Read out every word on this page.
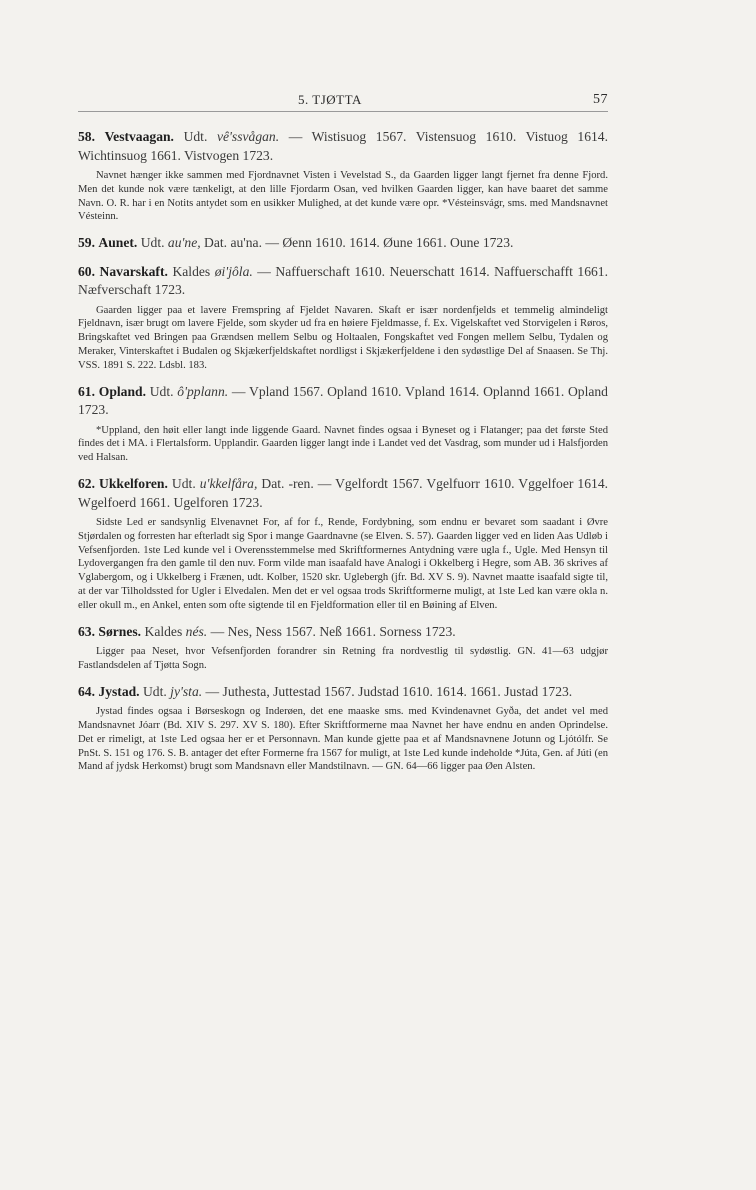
5. TJØTTA	57

58. Vestvaagan. Udt. vê'ssvågan. — Wistisuog 1567. Vistensuog 1610. Vistuog 1614. Wichtinsuog 1661. Vistvogen 1723.

Navnet hænger ikke sammen med Fjordnavnet Visten i Vevelstad S., da Gaarden ligger langt fjernet fra denne Fjord. Men det kunde nok være tænkeligt, at den lille Fjordarm Osan, ved hvilken Gaarden ligger, kan have baaret det samme Navn. O. R. har i en Notits antydet som en usikker Mulighed, at det kunde være opr. *Vésteinsvágr, sms. med Mandsnavnet Vésteinn.

59. Aunet. Udt. au'ne, Dat. au'na. — Øenn 1610. 1614. Øune 1661. Oune 1723.

60. Navarskaft. Kaldes øi'jôla. — Naffuerschaft 1610. Neuerschatt 1614. Naffuerschafft 1661. Næfverschaft 1723.

Gaarden ligger paa et lavere Fremspring af Fjeldet Navaren. Skaft er især nordenfjelds et temmelig almindeligt Fjeldnavn, især brugt om lavere Fjelde, som skyder ud fra en høiere Fjeldmasse, f. Ex. Vigelskaftet ved Storvigelen i Røros, Bringskaftet ved Bringen paa Grændsen mellem Selbu og Holtaalen, Fongskaftet ved Fongen mellem Selbu, Tydalen og Meraker, Vinterskaftet i Budalen og Skjækerfjeldskaftet nordligst i Skjækerfjeldene i den sydøstlige Del af Snaasen. Se Thj. VSS. 1891 S. 222. Ldsbl. 183.

61. Opland. Udt. ô'pplann. — Vpland 1567. Opland 1610. Vpland 1614. Oplannd 1661. Opland 1723.

*Uppland, den høit eller langt inde liggende Gaard. Navnet findes ogsaa i Byneset og i Flatanger; paa det første Sted findes det i MA. i Flertalsform. Upplandir. Gaarden ligger langt inde i Landet ved det Vasdrag, som munder ud i Halsfjorden ved Halsan.

62. Ukkelforen. Udt. u'kkelfåra, Dat. -ren. — Vgelfordt 1567. Vgelfuorr 1610. Vggelfoer 1614. Wgelfoerd 1661. Ugelforen 1723.

Sidste Led er sandsynlig Elvenavnet For, af for f., Rende, Fordybning, som endnu er bevaret som saadant i Øvre Stjørdalen og forresten har efterladt sig Spor i mange Gaardnavne (se Elven. S. 57). Gaarden ligger ved en liden Aas Udløb i Vefsenfjorden. 1ste Led kunde vel i Overensstemmelse med Skriftformernes Antydning være ugla f., Ugle. Med Hensyn til Lydovergangen fra den gamle til den nuv. Form vilde man isaafald have Analogi i Okkelberg i Hegre, som AB. 36 skrives af Vglabergom, og i Ukkelberg i Frænen, udt. Kolber, 1520 skr. Uglebergh (jfr. Bd. XV S. 9). Navnet maatte isaafald sigte til, at der var Tilholdssted for Ugler i Elvedalen. Men det er vel ogsaa trods Skriftformerne muligt, at 1ste Led kan være okla n. eller okull m., en Ankel, enten som ofte sigtende til en Fjeldformation eller til en Bøining af Elven.

63. Sørnes. Kaldes nés. — Nes, Ness 1567. Neß 1661. Sorness 1723.

Ligger paa Neset, hvor Vefsenfjorden forandrer sin Retning fra nordvestlig til sydøstlig. GN. 41—63 udgjør Fastlandsdelen af Tjøtta Sogn.

64. Jystad. Udt. jy'sta. — Juthesta, Juttestad 1567. Judstad 1610. 1614. 1661. Justad 1723.

Jystad findes ogsaa i Børseskogn og Inderøen, det ene maaske sms. med Kvindenavnet Gyða, det andet vel med Mandsnavnet Jóarr (Bd. XIV S. 297. XV S. 180). Efter Skriftformerne maa Navnet her have endnu en anden Oprindelse. Det er rimeligt, at 1ste Led ogsaa her er et Personnavn. Man kunde gjette paa et af Mandsnavnene Jotunn og Ljótólfr. Se PnSt. S. 151 og 176. S. B. antager det efter Formerne fra 1567 for muligt, at 1ste Led kunde indeholde *Júta, Gen. af Júti (en Mand af jydsk Herkomst) brugt som Mandsnavn eller Mandstilnavn. — GN. 64—66 ligger paa Øen Alsten.
